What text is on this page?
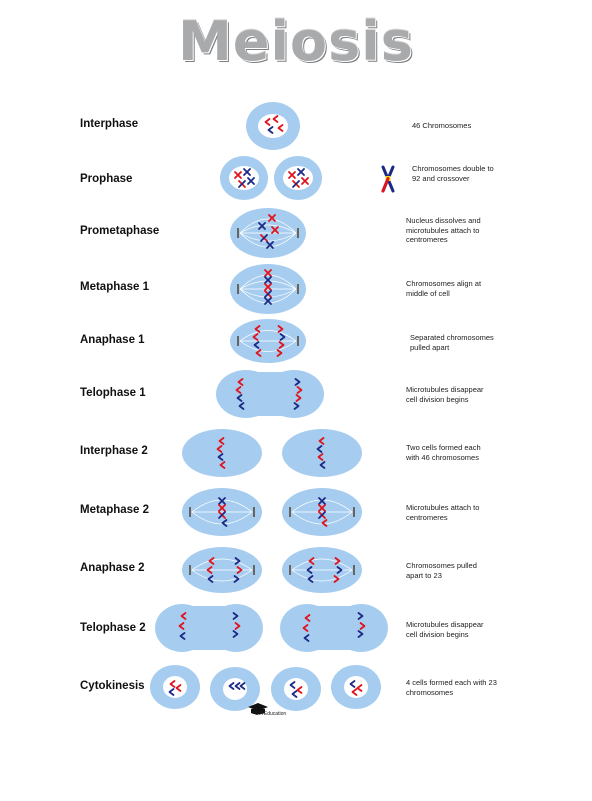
Meiosis
Interphase
Prophase
Prometaphase
Metaphase 1
Anaphase 1
Telophase 1
Interphase 2
Metaphase 2
Anaphase 2
Telophase 2
Cytokinesis
46 Chromosomes
Chromosomes double to 92 and crossover
Nucleus dissolves and microtubules attach to centromeres
Chromosomes align at middle of cell
Separated chromosomes pulled apart
Microtubules disappear cell division begins
Two cells formed each with 46 chromosomes
Microtubules attach to centromeres
Chromosomes pulled apart to 23
Microtubules disappear cell division begins
4 cells formed each with 23 chromosomes
S A Education
